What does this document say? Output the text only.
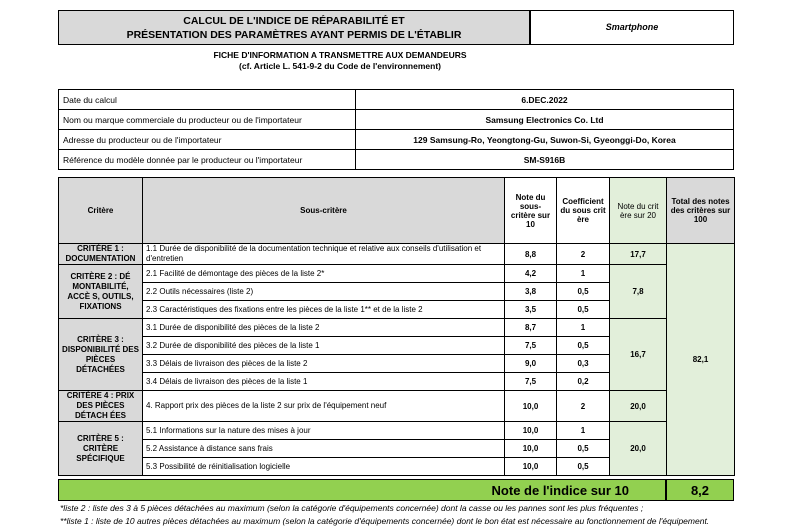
CALCUL DE L'INDICE DE RÉPARABILITÉ ET
PRÉSENTATION DES PARAMÈTRES AYANT PERMIS DE L'ÉTABLIR
Smartphone
FICHE D'INFORMATION A TRANSMETTRE AUX DEMANDEURS
(cf. Article L. 541-9-2 du Code de l'environnement)
Date du calcul	6.DEC.2022
Nom ou marque commerciale du producteur ou de l'importateur	Samsung Electronics Co. Ltd
Adresse du producteur ou de l'importateur	129 Samsung-Ro, Yeongtong-Gu, Suwon-Si, Gyeonggi-Do, Korea
Référence du modèle donnée par le producteur ou l'importateur	SM-S916B
Critère	Sous-critère	Note du sous-critère sur 10	Coefficient du sous crit ère	Note du crit ère sur 20	Total des notes des critères sur 100
CRITÈRE 1 : DOCUMENTATION	1.1 Durée de disponibilité de la documentation technique et relative aux conseils d'utilisation et d'entretien	8,8	2	17,7	82,1
CRITÈRE 2 : DÉ MONTABILITÉ, ACCÈ S, OUTILS, FIXATIONS	2.1 Facilité de démontage des pièces de la liste 2*	4,2	1	7,8	
	2.2 Outils nécessaires (liste 2)	3,8	0,5		
	2.3 Caractéristiques des fixations entre les pièces de la liste 1** et de la liste 2	3,5	0,5		
CRITÈRE 3 : DISPONIBILITÉ DES PIÈCES DÉTACHÉES	3.1 Durée de disponibilité des pièces de la liste 2	8,7	1	16,7	
	3.2 Durée de disponibilité des pièces de la liste 1	7,5	0,5		
	3.3 Délais de livraison des pièces de la liste 2	9,0	0,3		
	3.4 Délais de livraison des pièces de la liste 1	7,5	0,2		
CRITÈRE 4 : PRIX DES PIÈCES DÉTACH ÉES	4. Rapport prix des pièces de la liste 2 sur prix de l'équipement neuf	10,0	2	20,0	
CRITÈRE 5 : CRITÈRE SPÉCIFIQUE	5.1 Informations sur la nature des mises à jour	10,0	1	20,0	
	5.2 Assistance à distance sans frais	10,0	0,5		
	5.3 Possibilité de réinitialisation logicielle	10,0	0,5		
Note de l'indice sur 10	8,2
*liste 2 : liste des 3 à 5 pièces détachées au maximum (selon la catégorie d'équipements concernée) dont la casse ou les pannes sont les plus fréquentes ;
**liste 1 : liste de 10 autres pièces détachées au maximum (selon la catégorie d'équipements concernée) dont le bon état est nécessaire au fonctionnement de l'équipement.
